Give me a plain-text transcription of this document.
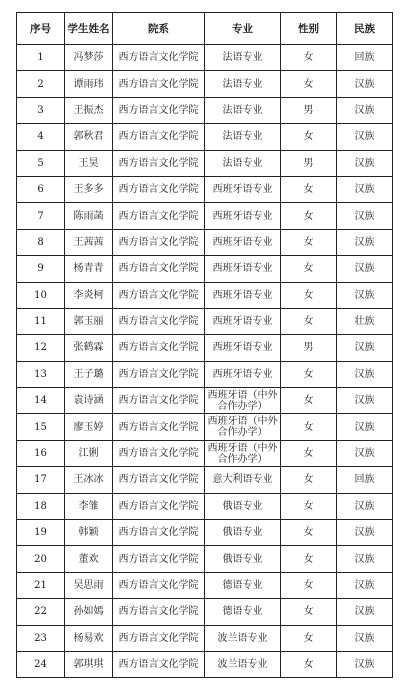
序号	学生姓名	院系	专业	性别	民族
1	冯梦莎	西方语言文化学院	法语专业	女	回族
2	谭雨玮	西方语言文化学院	法语专业	女	汉族
3	王振杰	西方语言文化学院	法语专业	男	汉族
4	郭秋君	西方语言文化学院	法语专业	女	汉族
5	王昊	西方语言文化学院	法语专业	男	汉族
6	王多多	西方语言文化学院	西班牙语专业	女	汉族
7	陈雨菡	西方语言文化学院	西班牙语专业	女	汉族
8	王茜茜	西方语言文化学院	西班牙语专业	女	汉族
9	杨青青	西方语言文化学院	西班牙语专业	女	汉族
10	李炎柯	西方语言文化学院	西班牙语专业	女	汉族
11	郭玉丽	西方语言文化学院	西班牙语专业	女	壮族
12	张鹤霖	西方语言文化学院	西班牙语专业	男	汉族
13	王子璐	西方语言文化学院	西班牙语专业	女	汉族
14	袁诗涵	西方语言文化学院	西班牙语（中外合作办学）	女	汉族
15	廖玉婷	西方语言文化学院	西班牙语（中外合作办学）	女	汉族
16	江俐	西方语言文化学院	西班牙语（中外合作办学）	女	汉族
17	王冰冰	西方语言文化学院	意大利语专业	女	回族
18	李雏	西方语言文化学院	俄语专业	女	汉族
19	韩颖	西方语言文化学院	俄语专业	女	汉族
20	董欢	西方语言文化学院	俄语专业	女	汉族
21	吴思雨	西方语言文化学院	德语专业	女	汉族
22	孙如嫣	西方语言文化学院	德语专业	女	汉族
23	杨易欢	西方语言文化学院	波兰语专业	女	汉族
24	郭琪琪	西方语言文化学院	波兰语专业	女	汉族
